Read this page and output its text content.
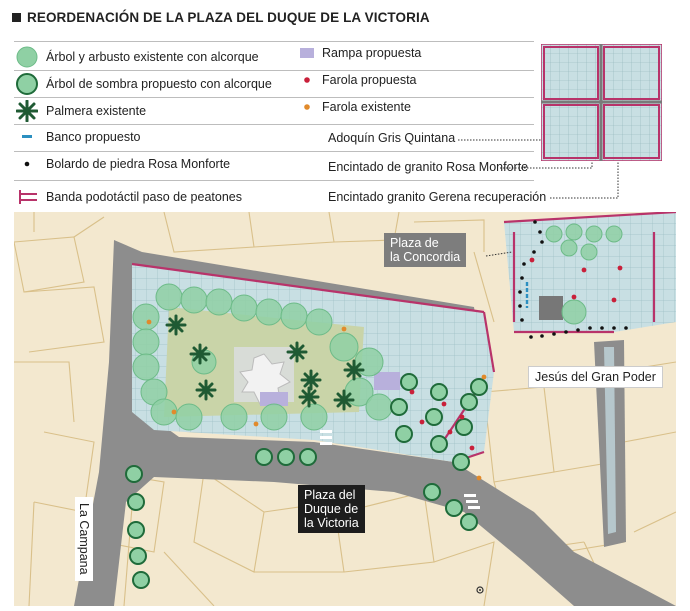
REORDENACIÓN DE LA PLAZA DEL DUQUE DE LA VICTORIA
Árbol y arbusto existente con alcorque
Árbol de sombra propuesto con alcorque
Palmera existente
Banco propuesto
Bolardo de piedra Rosa Monforte
Banda podotáctil paso de peatones
Rampa propuesta
Farola propuesta
Farola existente
Adoquín Gris Quintana
Encintado de granito Rosa Monforte
Encintado granito Gerena recuperación
Plaza de
la Concordia
Plaza del
Duque de
la Victoria
Jesús del Gran Poder
La Campana
